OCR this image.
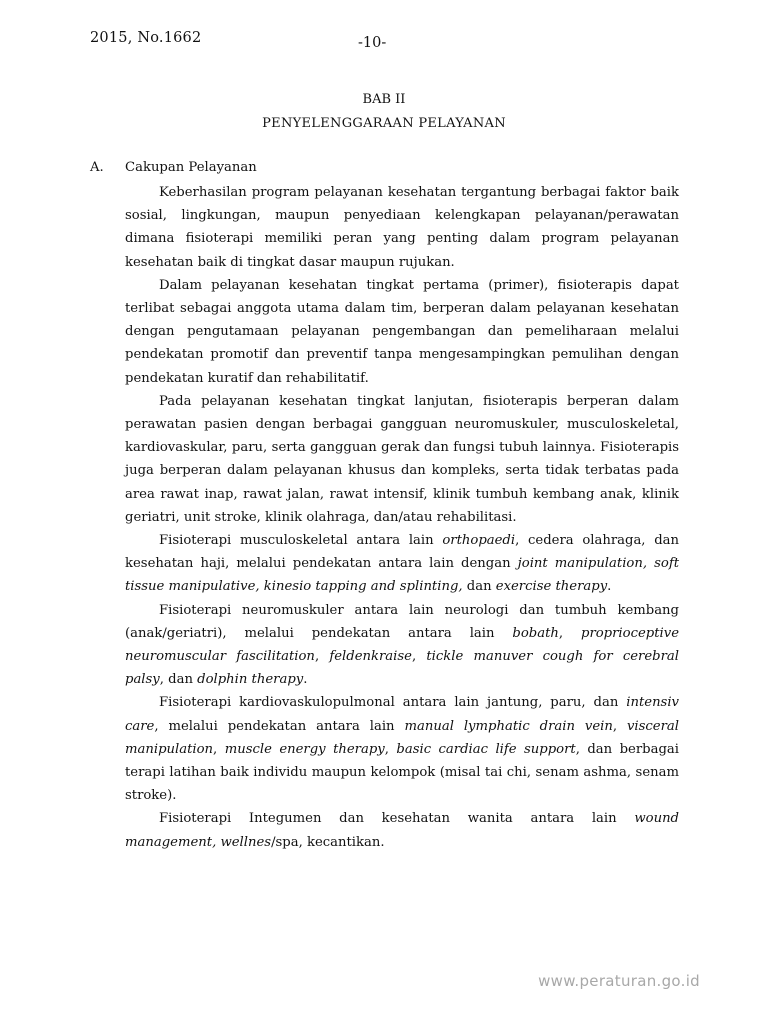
2015, No.1662	-10-
BAB II
PENYELENGGARAAN PELAYANAN
A. Cakupan Pelayanan

Keberhasilan program pelayanan kesehatan tergantung berbagai faktor baik sosial, lingkungan, maupun penyediaan kelengkapan pelayanan/perawatan dimana fisioterapi memiliki peran yang penting dalam program pelayanan kesehatan baik di tingkat dasar maupun rujukan.

Dalam pelayanan kesehatan tingkat pertama (primer), fisioterapis dapat terlibat sebagai anggota utama dalam tim, berperan dalam pelayanan kesehatan dengan pengutamaan pelayanan pengembangan dan pemeliharaan melalui pendekatan promotif dan preventif tanpa mengesampingkan pemulihan dengan pendekatan kuratif dan rehabilitatif.

Pada pelayanan kesehatan tingkat lanjutan, fisioterapis berperan dalam perawatan pasien dengan berbagai gangguan neuromuskuler, musculoskeletal, kardiovaskular, paru, serta gangguan gerak dan fungsi tubuh lainnya. Fisioterapis juga berperan dalam pelayanan khusus dan kompleks, serta tidak terbatas pada area rawat inap, rawat jalan, rawat intensif, klinik tumbuh kembang anak, klinik geriatri, unit stroke, klinik olahraga, dan/atau rehabilitasi.

Fisioterapi musculoskeletal antara lain orthopaedi, cedera olahraga, dan kesehatan haji, melalui pendekatan antara lain dengan joint manipulation, soft tissue manipulative, kinesio tapping and splinting, dan exercise therapy.

Fisioterapi neuromuskuler antara lain neurologi dan tumbuh kembang (anak/geriatri), melalui pendekatan antara lain bobath, proprioceptive neuromuscular fascilitation, feldenkraise, tickle manuver cough for cerebral palsy, dan dolphin therapy.

Fisioterapi kardiovaskulopulmonal antara lain jantung, paru, dan intensiv care, melalui pendekatan antara lain manual lymphatic drain vein, visceral manipulation, muscle energy therapy, basic cardiac life support, dan berbagai terapi latihan baik individu maupun kelompok (misal tai chi, senam ashma, senam stroke).

Fisioterapi Integumen dan kesehatan wanita antara lain wound management, wellnes/spa, kecantikan.

www.peraturan.go.id
